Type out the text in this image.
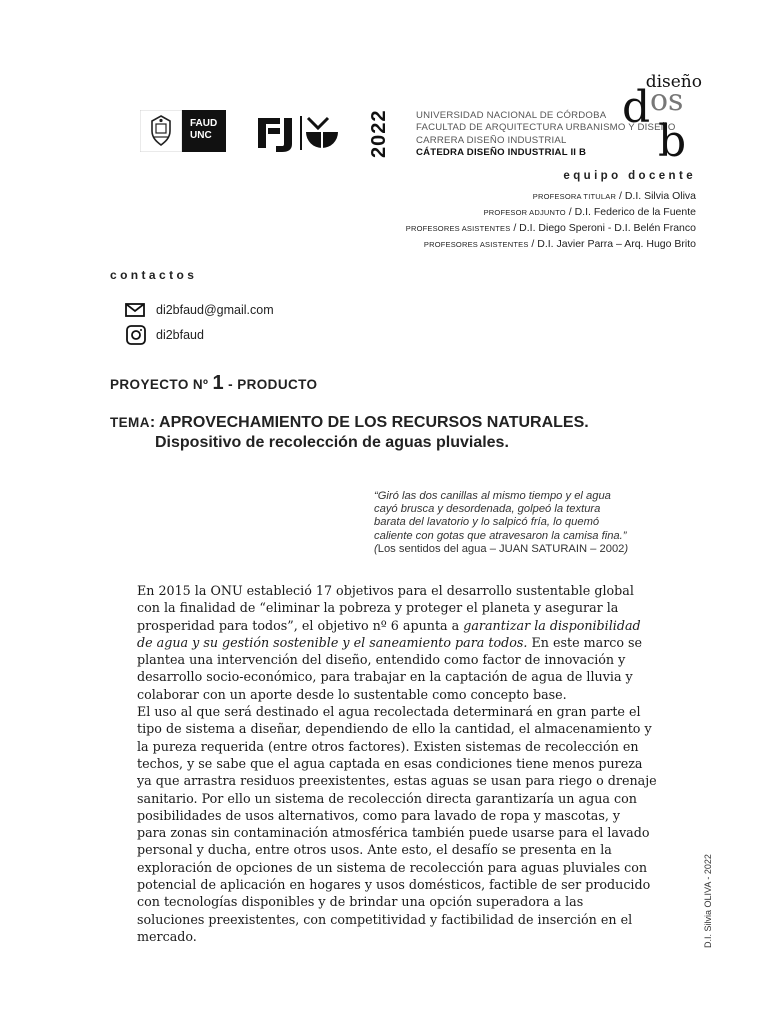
FAUD
UNC	2022	UNIVERSIDAD NACIONAL DE CÓRDOBA
FACULTAD DE ARQUITECTURA URBANISMO Y DISEÑO
CARRERA DISEÑO INDUSTRIAL
CÁTEDRA DISEÑO INDUSTRIAL II B
diseño
d os
b
equipo docente
PROFESORA TITULAR / D.I. Silvia Oliva
PROFESOR ADJUNTO / D.I. Federico de la Fuente
PROFESORES ASISTENTES / D.I. Diego Speroni - D.I. Belén Franco
PROFESORES ASISTENTES / D.I. Javier Parra – Arq. Hugo Brito
contactos
di2bfaud@gmail.com
di2bfaud
PROYECTO Nº 1 - PRODUCTO
TEMA: APROVECHAMIENTO DE LOS RECURSOS NATURALES.
Dispositivo de recolección de aguas pluviales.
“Giró las dos canillas al mismo tiempo y el agua
cayó brusca y desordenada, golpeó la textura
barata del lavatorio y lo salpicó fría, lo quemó
caliente con gotas que atravesaron la camisa fina.”
(Los sentidos del agua – JUAN SATURAIN – 2002)
En 2015 la ONU estableció 17 objetivos para el desarrollo sustentable global
con la finalidad de “eliminar la pobreza y proteger el planeta y asegurar la
prosperidad para todos”, el objetivo nº 6 apunta a garantizar la disponibilidad
de agua y su gestión sostenible y el saneamiento para todos. En este marco se
plantea una intervención del diseño, entendido como factor de innovación y
desarrollo socio-económico, para trabajar en la captación de agua de lluvia y
colaborar con un aporte desde lo sustentable como concepto base.
El uso al que será destinado el agua recolectada determinará en gran parte el
tipo de sistema a diseñar, dependiendo de ello la cantidad, el almacenamiento y
la pureza requerida (entre otros factores). Existen sistemas de recolección en
techos, y se sabe que el agua captada en esas condiciones tiene menos pureza
ya que arrastra residuos preexistentes, estas aguas se usan para riego o drenaje
sanitario. Por ello un sistema de recolección directa garantizaría un agua con
posibilidades de usos alternativos, como para lavado de ropa y mascotas, y
para zonas sin contaminación atmosférica también puede usarse para el lavado
personal y ducha, entre otros usos. Ante esto, el desafío se presenta en la
exploración de opciones de un sistema de recolección para aguas pluviales con
potencial de aplicación en hogares y usos domésticos, factible de ser producido
con tecnologías disponibles y de brindar una opción superadora a las
soluciones preexistentes, con competitividad y factibilidad de inserción en el
mercado.	D.I. Silvia OLIVA - 2022
